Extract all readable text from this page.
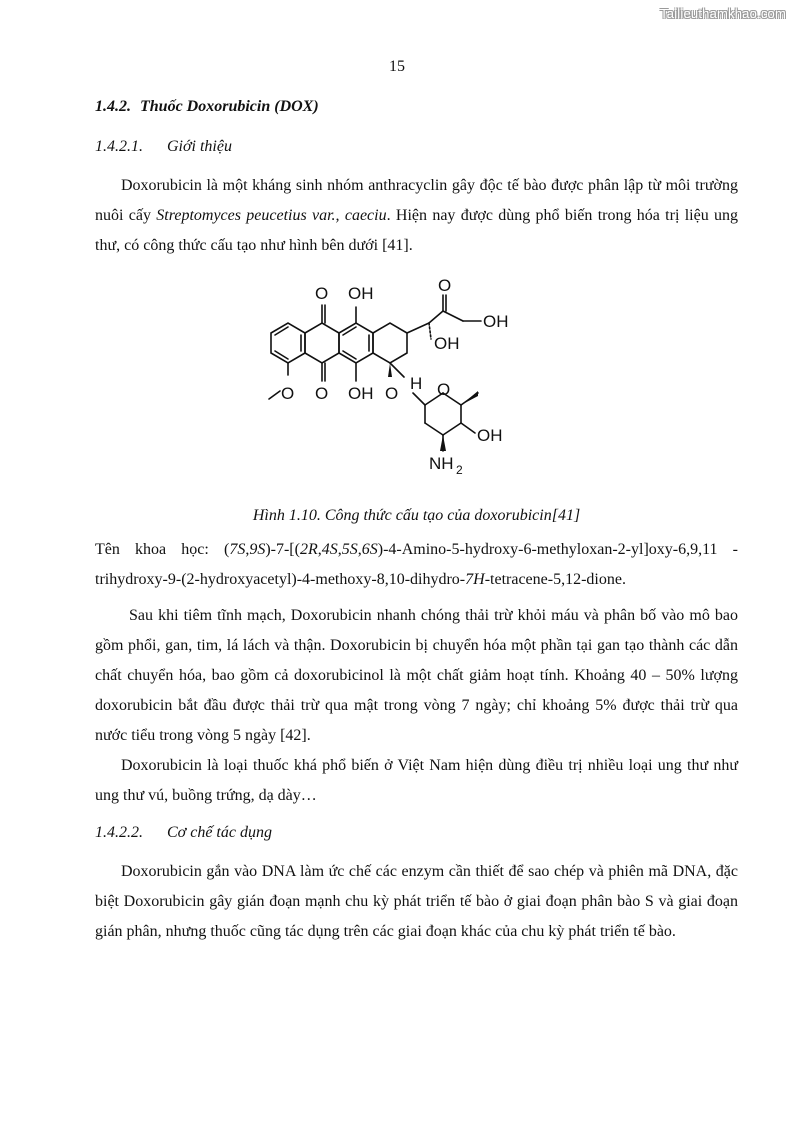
Tailieuthamkhao.com
15
1.4.2. Thuốc Doxorubicin (DOX)
1.4.2.1. Giới thiệu

Doxorubicin là một kháng sinh nhóm anthracyclin gây độc tế bào được phân lập từ môi trường nuôi cấy Streptomyces peucetius var., caeciu. Hiện nay được dùng phổ biến trong hóa trị liệu ung thư, có công thức cấu tạo như hình bên dưới [41].

O OH	O
OH
OH
H
O O OH O O
OH
NH 2
Hình 1.10. Công thức cấu tạo của doxorubicin[41]

Tên khoa học: (7S,9S)-7-[(2R,4S,5S,6S)-4-Amino-5-hydroxy-6-methyloxan-2-yl]oxy-6,9,11 -trihydroxy-9-(2-hydroxyacetyl)-4-methoxy-8,10-dihydro-7H-tetracene-5,12-dione.

Sau khi tiêm tĩnh mạch, Doxorubicin nhanh chóng thải trừ khỏi máu và phân bố vào mô bao gồm phổi, gan, tim, lá lách và thận. Doxorubicin bị chuyển hóa một phần tại gan tạo thành các dẫn chất chuyển hóa, bao gồm cả doxorubicinol là một chất giảm hoạt tính. Khoảng 40 – 50% lượng doxorubicin bắt đầu được thải trừ qua mật trong vòng 7 ngày; chỉ khoảng 5% được thải trừ qua nước tiểu trong vòng 5 ngày [42].

Doxorubicin là loại thuốc khá phổ biến ở Việt Nam hiện dùng điều trị nhiều loại ung thư như ung thư vú, buồng trứng, dạ dày…

1.4.2.2. Cơ chế tác dụng

Doxorubicin gắn vào DNA làm ức chế các enzym cần thiết để sao chép và phiên mã DNA, đặc biệt Doxorubicin gây gián đoạn mạnh chu kỳ phát triển tế bào ở giai đoạn phân bào S và giai đoạn gián phân, nhưng thuốc cũng tác dụng trên các giai đoạn khác của chu kỳ phát triển tế bào.
